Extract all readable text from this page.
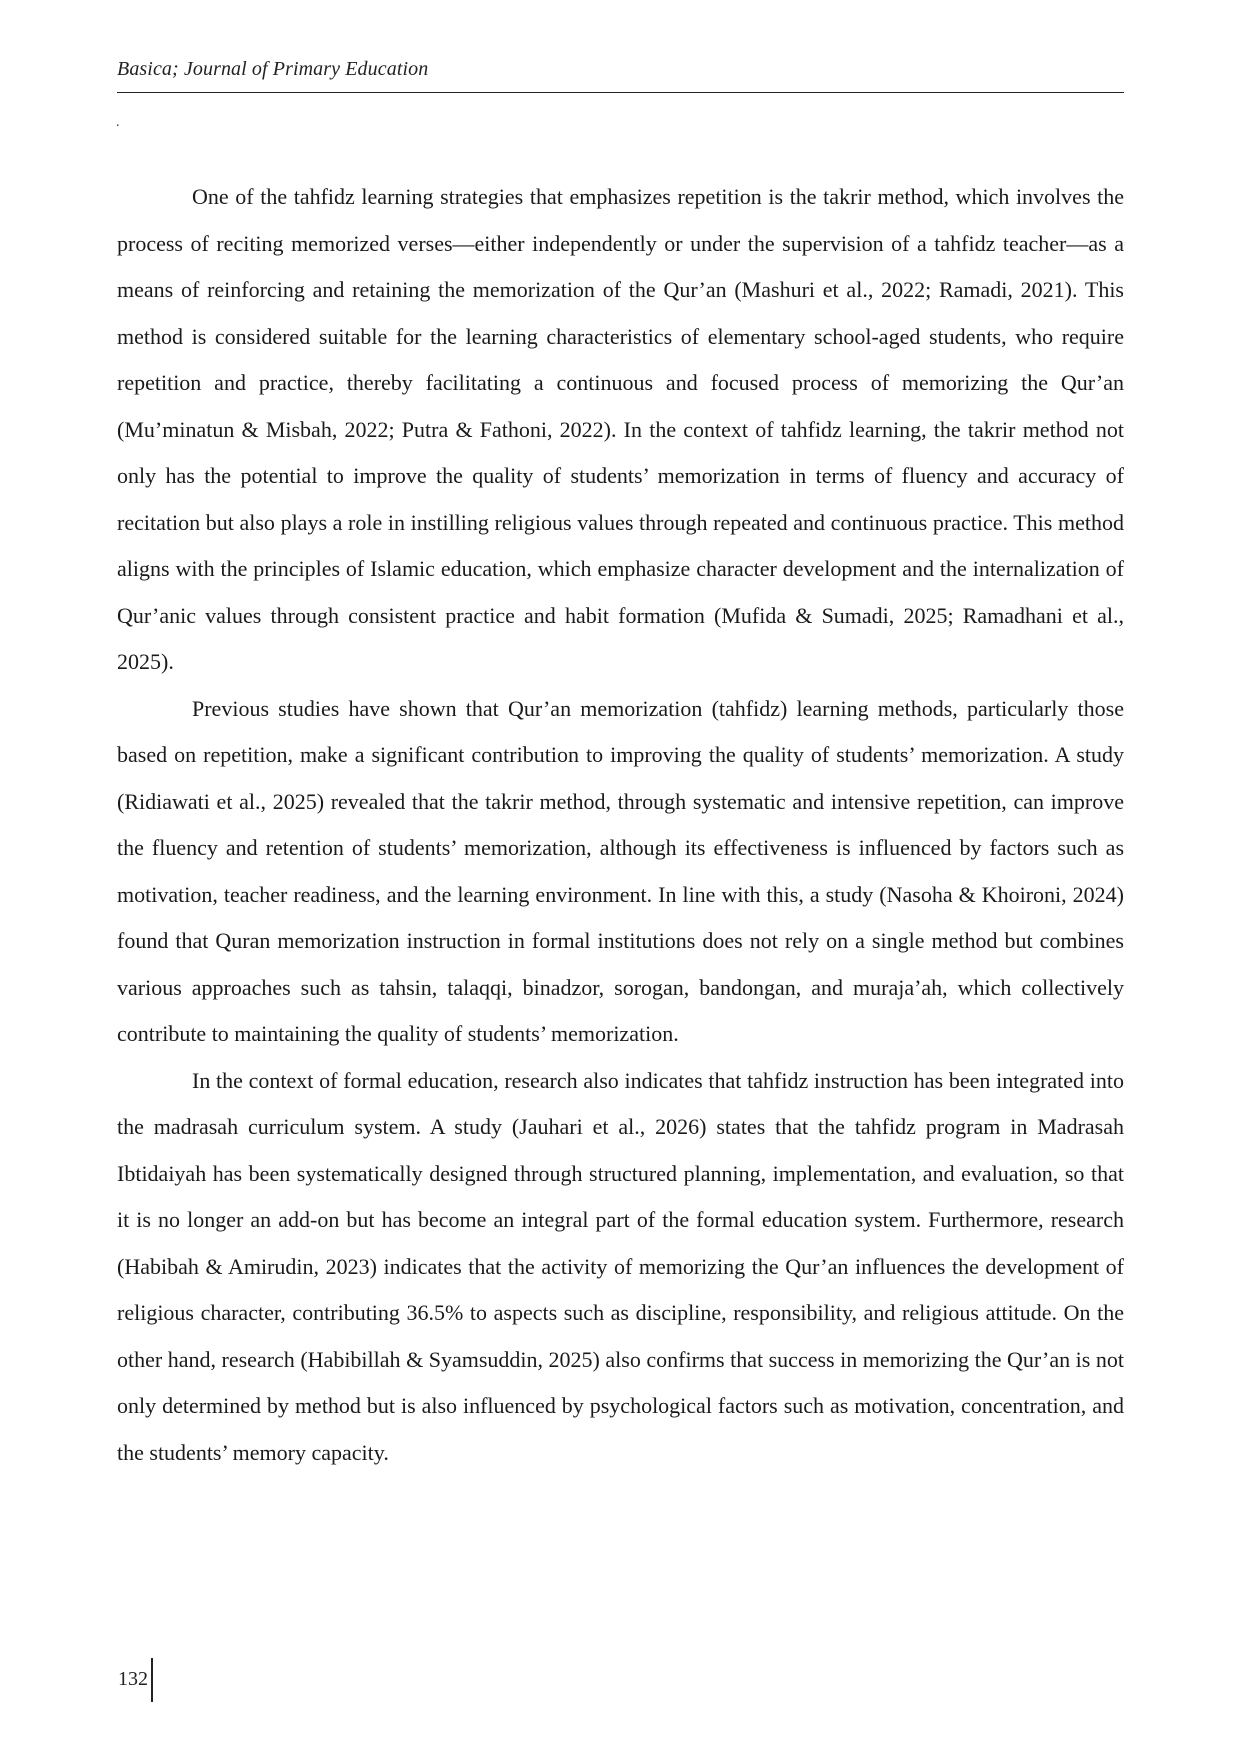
Basica; Journal of Primary Education
.

One of the tahfidz learning strategies that emphasizes repetition is the takrir method, which involves the process of reciting memorized verses—either independently or under the supervision of a tahfidz teacher—as a means of reinforcing and retaining the memorization of the Qur’an (Mashuri et al., 2022; Ramadi, 2021). This method is considered suitable for the learning characteristics of elementary school-aged students, who require repetition and practice, thereby facilitating a continuous and focused process of memorizing the Qur’an (Mu’minatun & Misbah, 2022; Putra & Fathoni, 2022). In the context of tahfidz learning, the takrir method not only has the potential to improve the quality of students’ memorization in terms of fluency and accuracy of recitation but also plays a role in instilling religious values through repeated and continuous practice. This method aligns with the principles of Islamic education, which emphasize character development and the internalization of Qur’anic values through consistent practice and habit formation (Mufida & Sumadi, 2025; Ramadhani et al., 2025).

Previous studies have shown that Qur’an memorization (tahfidz) learning methods, particularly those based on repetition, make a significant contribution to improving the quality of students’ memorization. A study (Ridiawati et al., 2025) revealed that the takrir method, through systematic and intensive repetition, can improve the fluency and retention of students’ memorization, although its effectiveness is influenced by factors such as motivation, teacher readiness, and the learning environment. In line with this, a study (Nasoha & Khoironi, 2024) found that Quran memorization instruction in formal institutions does not rely on a single method but combines various approaches such as tahsin, talaqqi, binadzor, sorogan, bandongan, and muraja’ah, which collectively contribute to maintaining the quality of students’ memorization.

In the context of formal education, research also indicates that tahfidz instruction has been integrated into the madrasah curriculum system. A study (Jauhari et al., 2026) states that the tahfidz program in Madrasah Ibtidaiyah has been systematically designed through structured planning, implementation, and evaluation, so that it is no longer an add-on but has become an integral part of the formal education system. Furthermore, research (Habibah & Amirudin, 2023) indicates that the activity of memorizing the Qur’an influences the development of religious character, contributing 36.5% to aspects such as discipline, responsibility, and religious attitude. On the other hand, research (Habibillah & Syamsuddin, 2025) also confirms that success in memorizing the Qur’an is not only determined by method but is also influenced by psychological factors such as motivation, concentration, and the students’ memory capacity.

132
